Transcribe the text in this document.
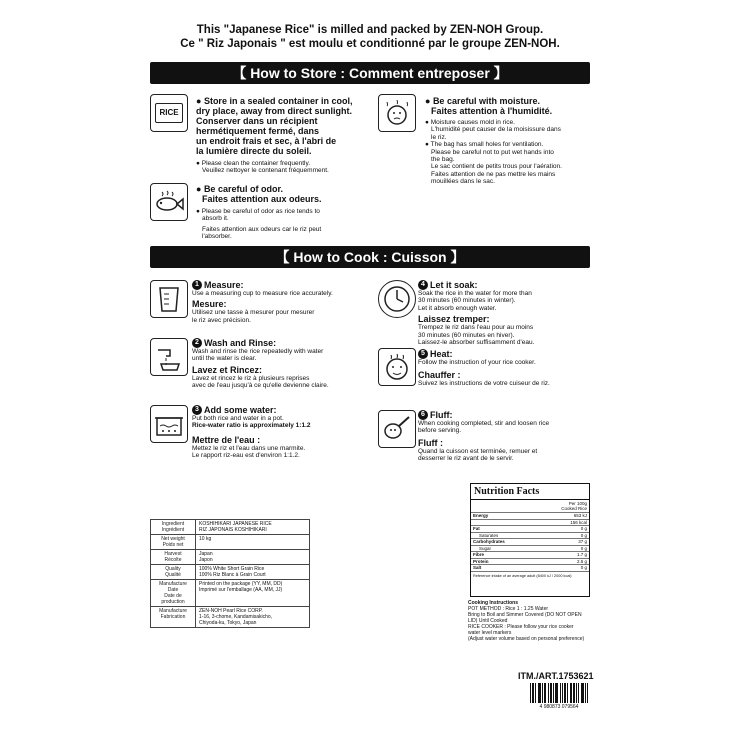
This "Japanese Rice" is milled and packed by ZEN-NOH Group.
Ce " Riz Japonais " est moulu et conditionné par le groupe ZEN-NOH.
【 How to Store : Comment entreposer 】
RICE
● Store in a sealed container in cool,
dry place, away from direct sunlight.
Conserver dans un récipient
hermétiquement fermé, dans
un endroit frais et sec, à l'abri de
la lumière directe du soleil.
● Please clean the container frequently.
Veuillez nettoyer le contenant fréquemment.
● Be careful of odor.
Faites attention aux odeurs.
● Please be careful of odor as rice tends to
absorb it.
Faites attention aux odeurs car le riz peut
l'absorber.
● Be careful with moisture.
Faites attention à l'humidité.
● Moisture causes mold in rice.
L'humidité peut causer de la moisissure dans
le riz.
● The bag has small holes for ventilation.
Please be careful not to put wet hands into
the bag.
Le sac contient de petits trous pour l'aération.
Faites attention de ne pas mettre les mains
mouillées dans le sac.
【 How to Cook : Cuisson 】
1 Measure:
Use a measuring cup to measure rice accurately.
Mesure:
Utilisez une tasse à mesurer pour mesurer
le riz avec précision.
2 Wash and Rinse:
Wash and rinse the rice repeatedly with water
until the water is clear.
Lavez et Rincez:
Lavez et rincez le riz à plusieurs reprises
avec de l'eau jusqu'à ce qu'elle devienne claire.
3 Add some water:
Put both rice and water in a pot.
Rice-water ratio is approximately 1:1.2
Mettre de l'eau :
Mettez le riz et l'eau dans une marmite.
Le rapport riz-eau est d'environ 1:1.2.
4 Let it soak:
Soak the rice in the water for more than
30 minutes (60 minutes in winter).
Let it absorb enough water.
Laissez tremper:
Trempez le riz dans l'eau pour au moins
30 minutes (60 minutes en hiver).
Laissez-le absorber suffisamment d'eau.
5 Heat:
Follow the instruction of your rice cooker.
Chauffer :
Suivez les instructions de votre cuiseur de riz.
6 Fluff:
When cooking completed, stir and loosen rice
before serving.
Fluff :
Quand la cuisson est terminée, remuer et
desserrer le riz avant de le servir.
Ingredient
Ingrédient	KOSHIHIKARI JAPANESE RICE
RIZ JAPONAIS KOSHIHIKARI
Net weight
Poids net	10 kg
Harvest
Récolte	Japan
Japon
Quality
Qualité	100% White Short Grain Rice
100% Riz Blanc à Grain Court
Manufacture Date
Date de production	Printed on the package (YY, MM, DD)
Imprimé sur l'emballage (AA, MM, JJ)
Manufacture
Fabrication	ZEN-NOH Pearl Rice CORP.
1-16, 3-chome, Kandamisakicho,
Chiyoda-ku, Tokyo, Japan
Nutrition Facts
Per 100g
Cooked Rice
Energy	653 kJ
156 kcal
Fat	0 g
Saturates	0 g
Carbohydrates	37 g
Sugar	0 g
Fibre	1.7 g
Protein	2.5 g
Salt	0 g
Reference intake of an average adult (8400 kJ / 2000 kcal)
Cooking Instructions
POT METHOD : Rice 1 : 1.25 Water
Bring to Boil and Simmer Covered (DO NOT OPEN
LID) Until Cooked
RICE COOKER : Please follow your rice cooker
water level markers
(Adjust water volume based on personal preference)
ITM./ART.1753621
4 980873 079564
